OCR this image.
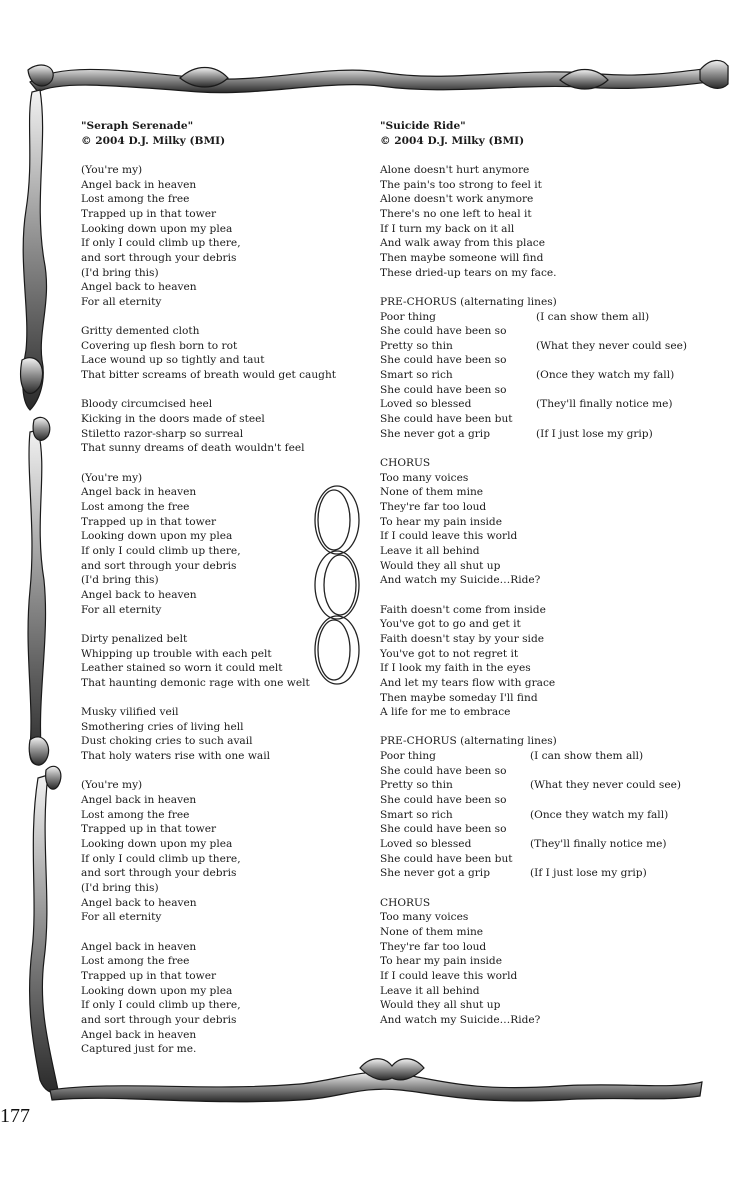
"Seraph Serenade"
© 2004 D.J. Milky (BMI)
(You're my)
Angel back in heaven
Lost among the free
Trapped up in that tower
Looking down upon my plea
If only I could climb up there,
and sort through your debris
(I'd bring this)
Angel back to heaven
For all eternity
Gritty demented cloth
Covering up flesh born to rot
Lace wound up so tightly and taut
That bitter screams of breath would get caught
Bloody circumcised heel
Kicking in the doors made of steel
Stiletto razor-sharp so surreal
That sunny dreams of death wouldn't feel
(You're my)
Angel back in heaven
Lost among the free
Trapped up in that tower
Looking down upon my plea
If only I could climb up there,
and sort through your debris
(I'd bring this)
Angel back to heaven
For all eternity
Dirty penalized belt
Whipping up trouble with each pelt
Leather stained so worn it could melt
That haunting demonic rage with one welt
Musky vilified veil
Smothering cries of living hell
Dust choking cries to such avail
That holy waters rise with one wail
(You're my)
Angel back in heaven
Lost among the free
Trapped up in that tower
Looking down upon my plea
If only I could climb up there,
and sort through your debris
(I'd bring this)
Angel back to heaven
For all eternity
Angel back in heaven
Lost among the free
Trapped up in that tower
Looking down upon my plea
If only I could climb up there,
and sort through your debris
Angel back in heaven
Captured just for me.
"Suicide Ride"
© 2004 D.J. Milky (BMI)
Alone doesn't hurt anymore
The pain's too strong to feel it
Alone doesn't work anymore
There's no one left to heal it
If I turn my back on it all
And walk away from this place
Then maybe someone will find
These dried-up tears on my face.
PRE-CHORUS (alternating lines)
Poor thing	(I can show them all)
She could have been so
Pretty so thin	(What they never could see)
She could have been so
Smart so rich	(Once they watch my fall)
She could have been so
Loved so blessed	(They'll finally notice me)
She could have been but
She never got a grip	(If I just lose my grip)
CHORUS
Too many voices
None of them mine
They're far too loud
To hear my pain inside
If I could leave this world
Leave it all behind
Would they all shut up
And watch my Suicide…Ride?
Faith doesn't come from inside
You've got to go and get it
Faith doesn't stay by your side
You've got to not regret it
If I look my faith in the eyes
And let my tears flow with grace
Then maybe someday I'll find
A life for me to embrace
PRE-CHORUS (alternating lines)
Poor thing	(I can show them all)
She could have been so
Pretty so thin	(What they never could see)
She could have been so
Smart so rich	(Once they watch my fall)
She could have been so
Loved so blessed	(They'll finally notice me)
She could have been but
She never got a grip	(If I just lose my grip)
CHORUS
Too many voices
None of them mine
They're far too loud
To hear my pain inside
If I could leave this world
Leave it all behind
Would they all shut up
And watch my Suicide…Ride?
177
